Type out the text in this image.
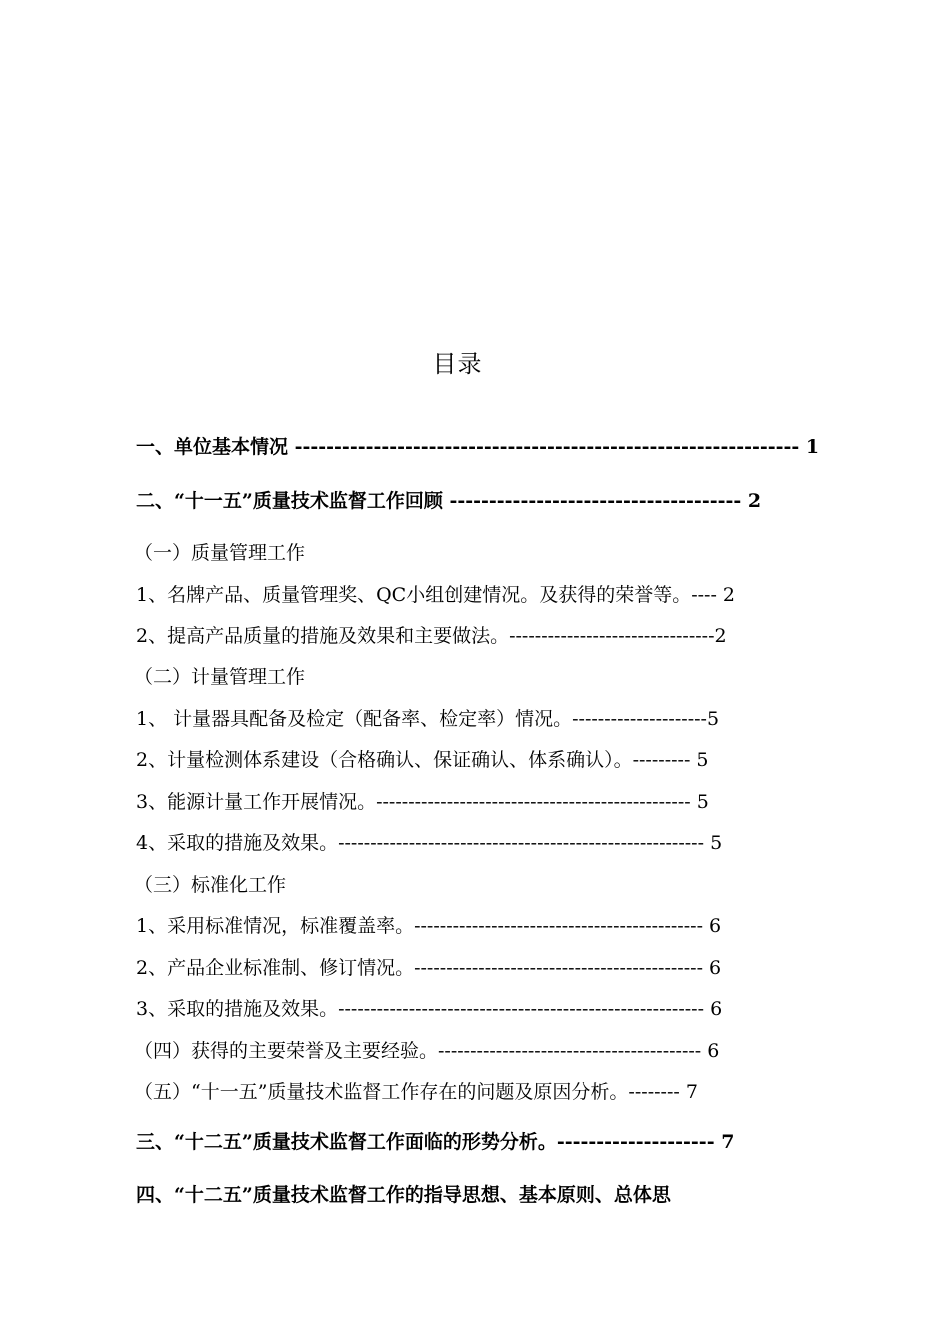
目录
一、单位基本情况 ---------------------------------------------------------------- 1
二、“十一五”质量技术监督工作回顾 ------------------------------------- 2
（一）质量管理工作
1、名牌产品、质量管理奖、QC小组创建情况。及获得的荣誉等。---- 2
2、提高产品质量的措施及效果和主要做法。--------------------------------2
（二）计量管理工作
1、 计量器具配备及检定（配备率、检定率）情况。---------------------5
2、计量检测体系建设（合格确认、保证确认、体系确认）。--------- 5
3、能源计量工作开展情况。------------------------------------------------- 5
4、采取的措施及效果。--------------------------------------------------------- 5
（三）标准化工作
1、采用标准情况，标准覆盖率。--------------------------------------------- 6
2、产品企业标准制、修订情况。--------------------------------------------- 6
3、采取的措施及效果。--------------------------------------------------------- 6
（四）获得的主要荣誉及主要经验。----------------------------------------- 6
（五）“十一五”质量技术监督工作存在的问题及原因分析。-------- 7
三、“十二五”质量技术监督工作面临的形势分析。-------------------- 7
四、“十二五”质量技术监督工作的指导思想、基本原则、总体思
